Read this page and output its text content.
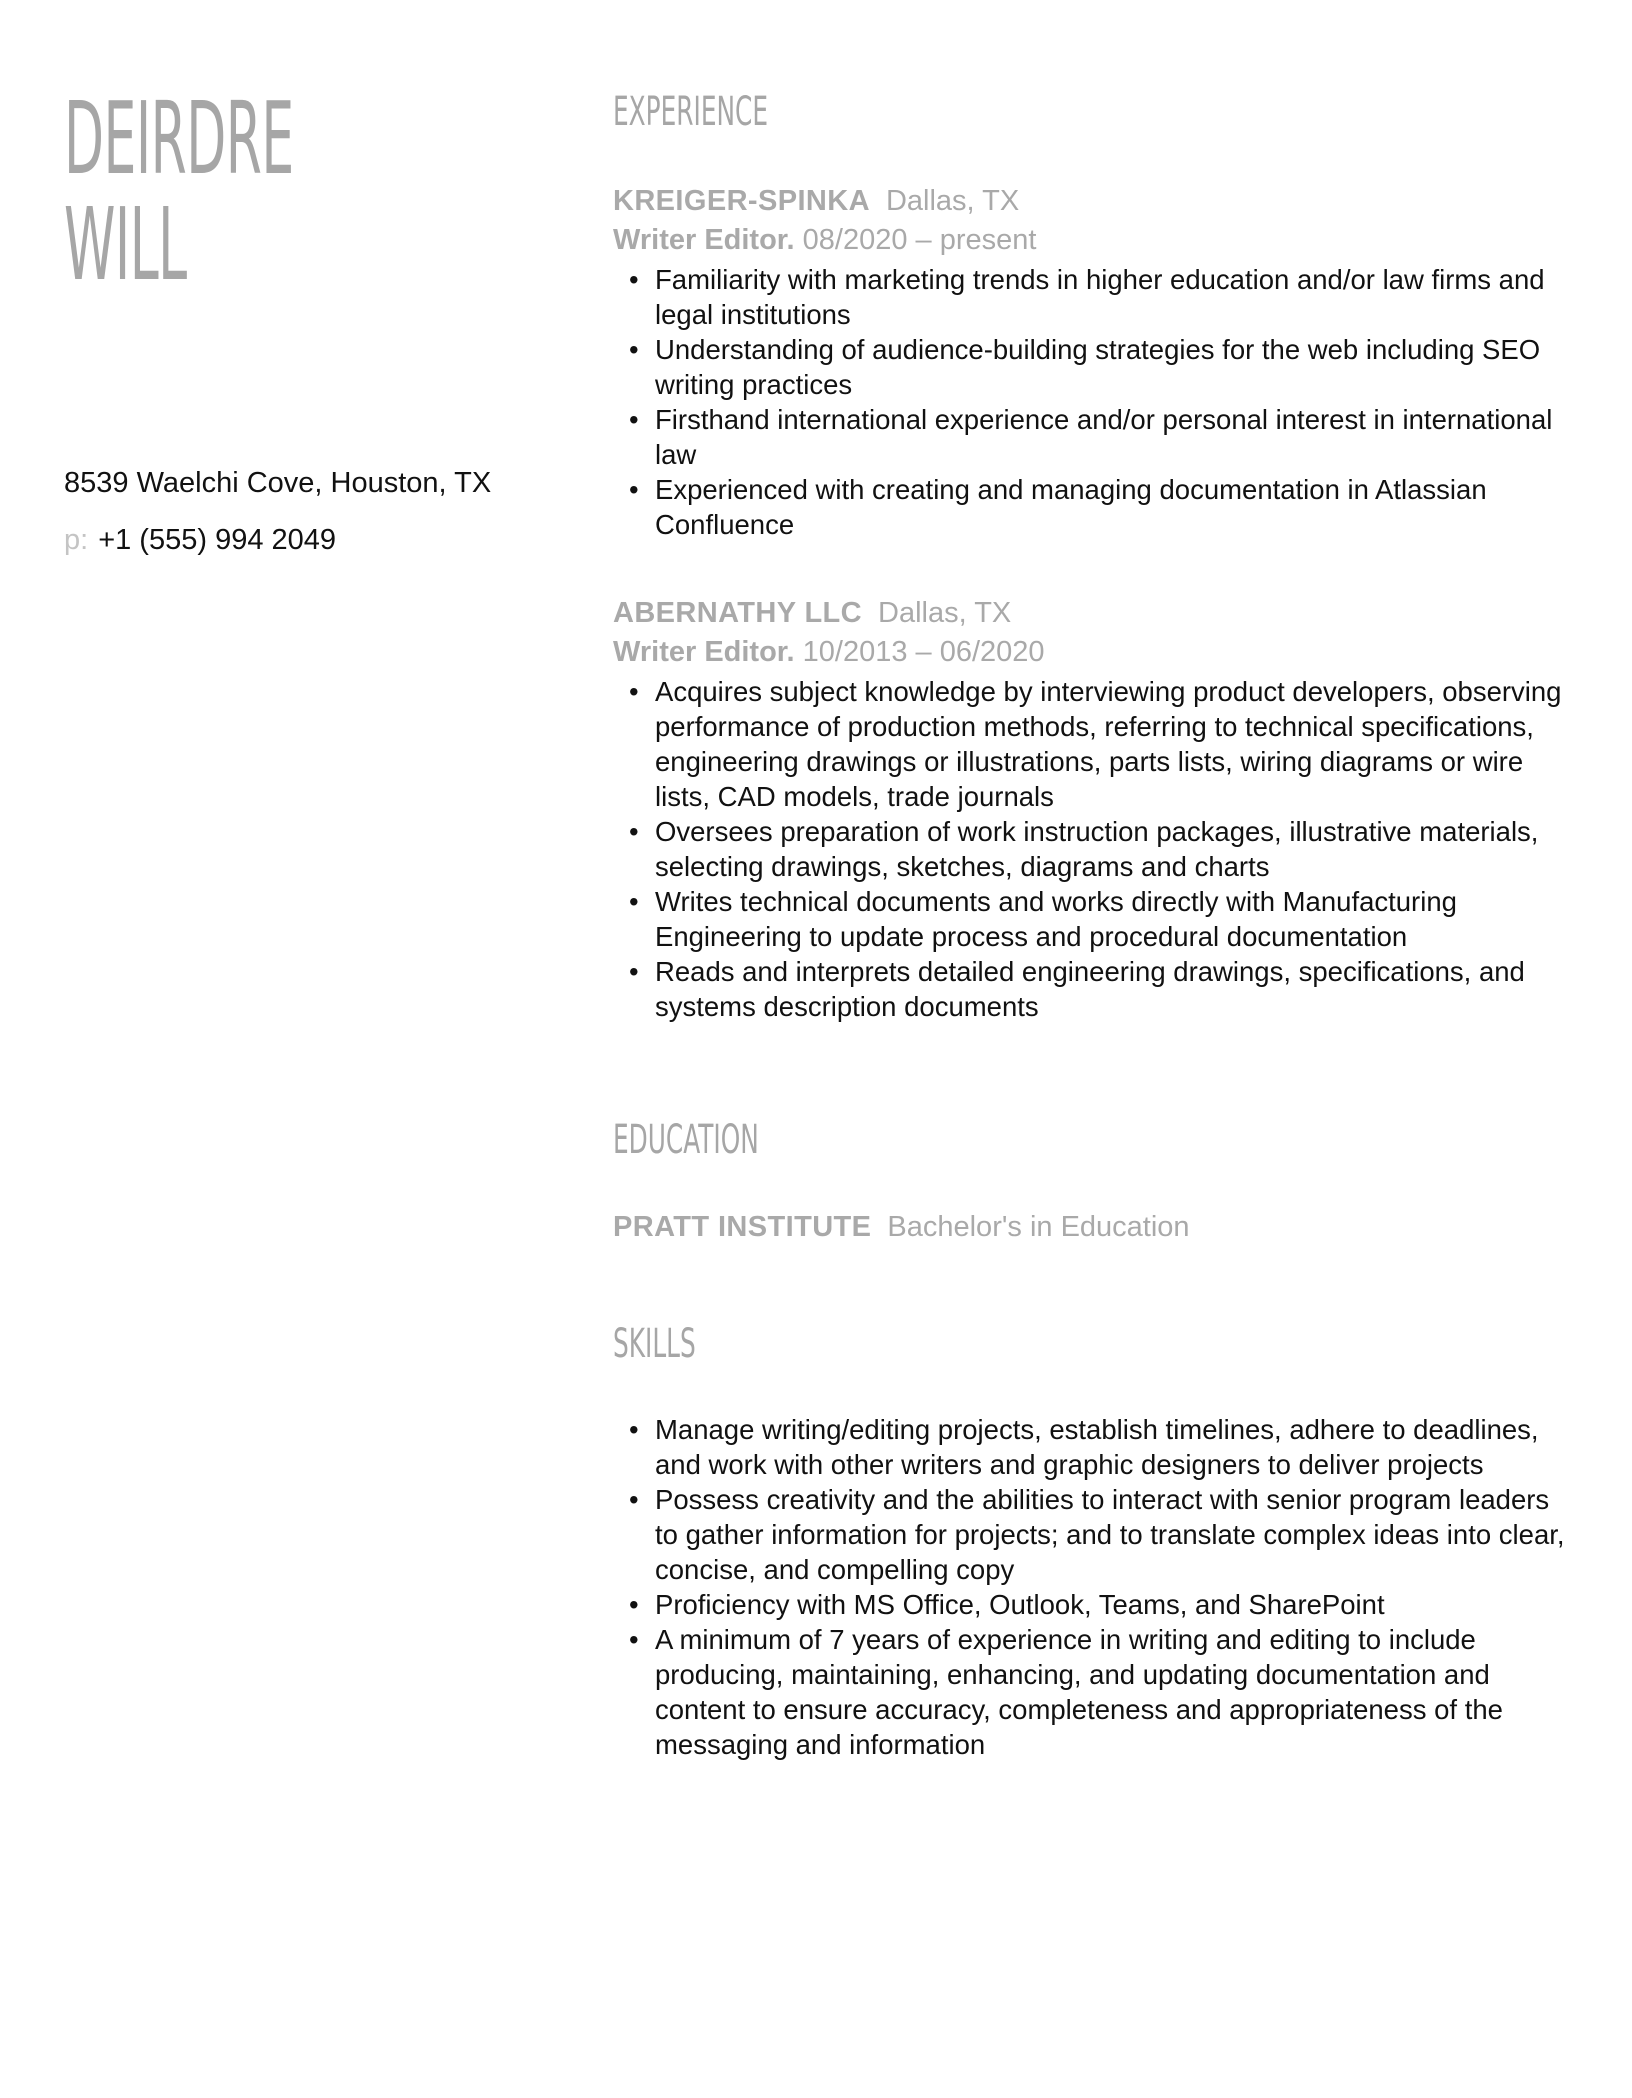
DEIRDRE
WILL
8539 Waelchi Cove, Houston, TX
p: +1 (555) 994 2049
EXPERIENCE
KREIGER-SPINKA Dallas, TX
Writer Editor. 08/2020 – present
• Familiarity with marketing trends in higher education and/or law firms and legal institutions
• Understanding of audience-building strategies for the web including SEO writing practices
• Firsthand international experience and/or personal interest in international law
• Experienced with creating and managing documentation in Atlassian Confluence
ABERNATHY LLC Dallas, TX
Writer Editor. 10/2013 – 06/2020
• Acquires subject knowledge by interviewing product developers, observing performance of production methods, referring to technical specifications, engineering drawings or illustrations, parts lists, wiring diagrams or wire lists, CAD models, trade journals
• Oversees preparation of work instruction packages, illustrative materials, selecting drawings, sketches, diagrams and charts
• Writes technical documents and works directly with Manufacturing Engineering to update process and procedural documentation
• Reads and interprets detailed engineering drawings, specifications, and systems description documents
EDUCATION
PRATT INSTITUTE Bachelor's in Education
SKILLS
• Manage writing/editing projects, establish timelines, adhere to deadlines, and work with other writers and graphic designers to deliver projects
• Possess creativity and the abilities to interact with senior program leaders to gather information for projects; and to translate complex ideas into clear, concise, and compelling copy
• Proficiency with MS Office, Outlook, Teams, and SharePoint
• A minimum of 7 years of experience in writing and editing to include producing, maintaining, enhancing, and updating documentation and content to ensure accuracy, completeness and appropriateness of the messaging and information
